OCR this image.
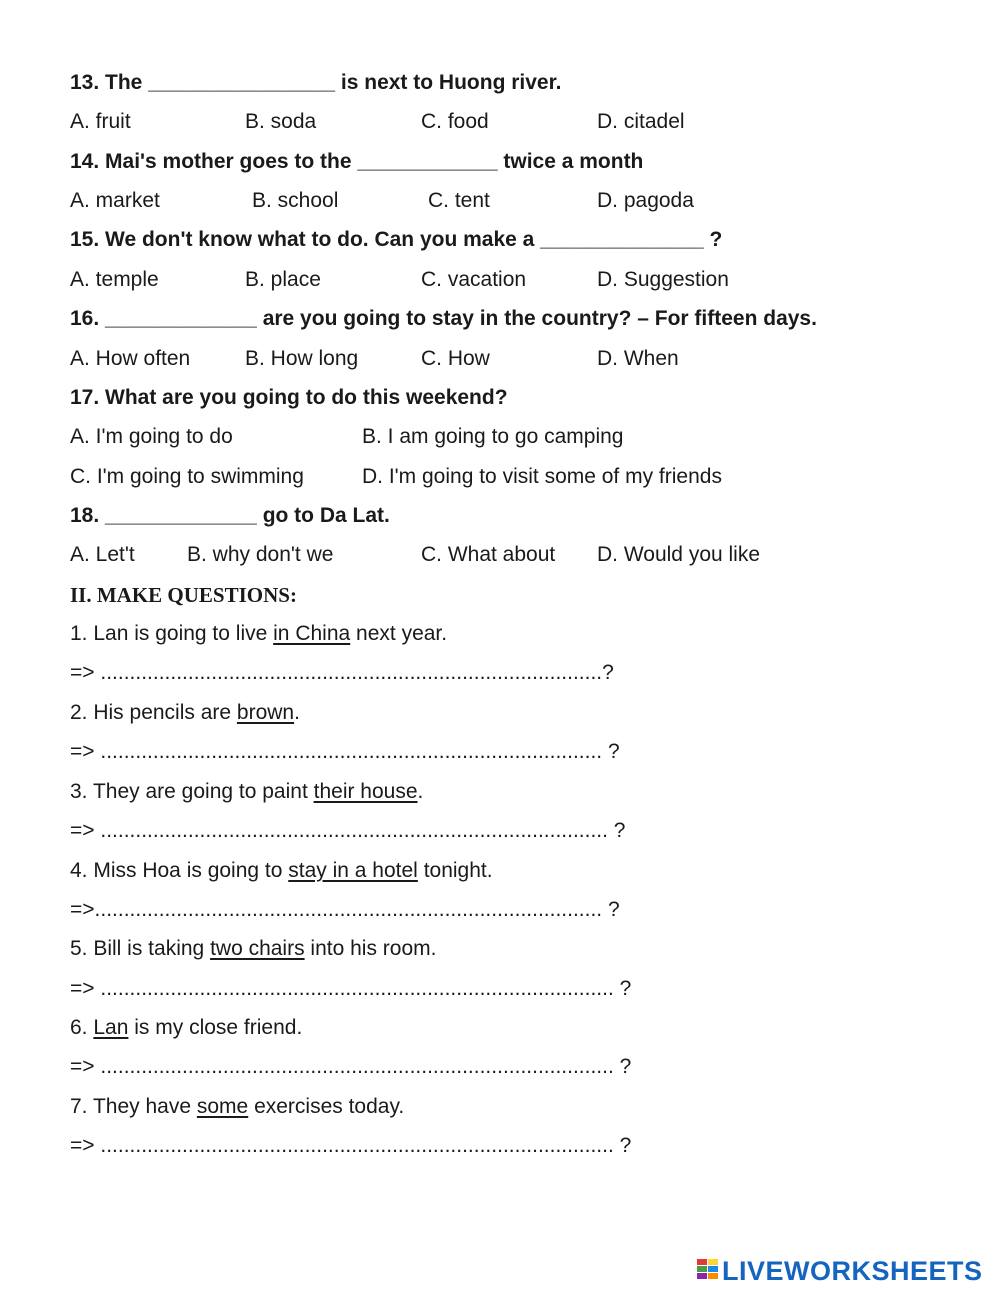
13. The ________________ is next to Huong river.
A. fruit	B. soda	C. food	D. citadel
14. Mai's mother goes to the ____________ twice a month
A. market	B. school	C. tent	D. pagoda
15. We don't know what to do. Can you make a ______________ ?
A. temple	B. place	C. vacation	D. Suggestion
16. _____________ are you going to stay in the country? – For fifteen days.
A. How often	B. How long	C. How	D. When
17. What are you going to do this weekend?
A. I'm going to do	B. I am going to go camping
C. I'm going to swimming	D. I'm going to visit some of my friends
18. _____________ go to Da Lat.
A. Let't B. why don't we	C. What about D. Would you like
II. MAKE QUESTIONS:
1. Lan is going to live in China next year.
=> ......................................................................................?
2. His pencils are brown.
=> ...................................................................................... ?
3. They are going to paint their house.
=> ....................................................................................... ?
4. Miss Hoa is going to stay in a hotel tonight.
=>....................................................................................... ?
5. Bill is taking two chairs into his room.
=> ........................................................................................ ?
6. Lan is my close friend.
=> ........................................................................................ ?
7. They have some exercises today.
=> ........................................................................................ ?
LIVEWORKSHEETS
